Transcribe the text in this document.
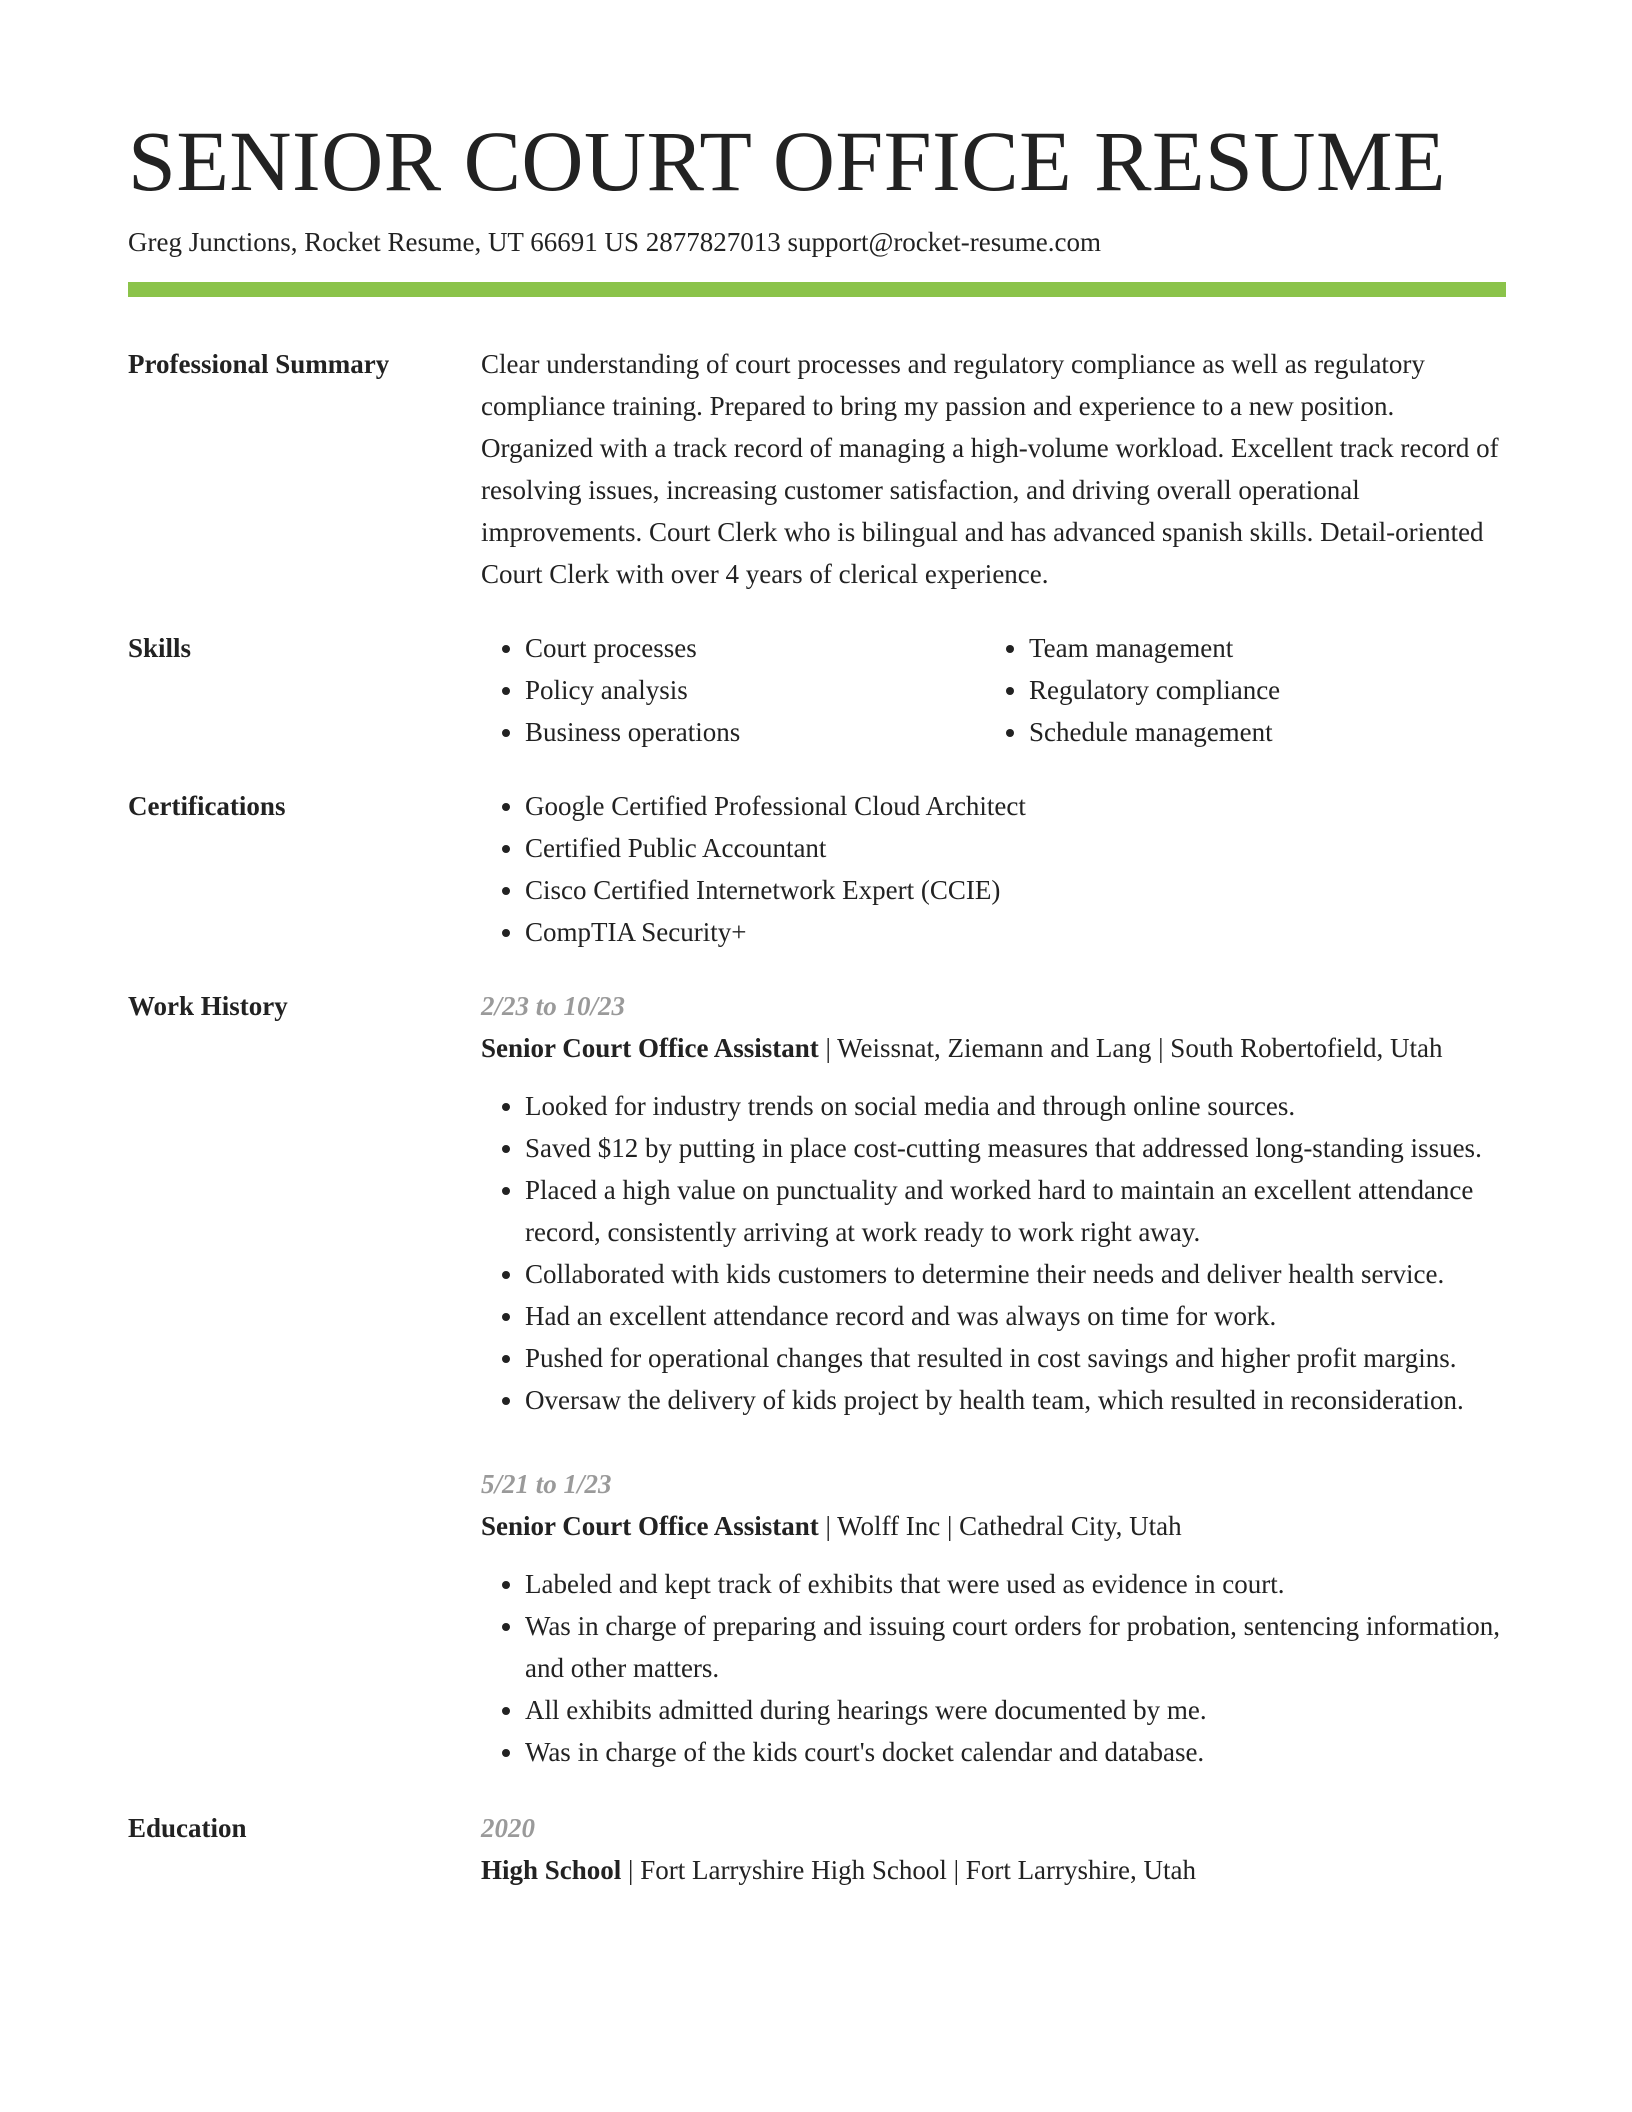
SENIOR COURT OFFICE RESUME
Greg Junctions, Rocket Resume, UT 66691 US 2877827013 support@rocket-resume.com
Professional Summary	Clear understanding of court processes and regulatory compliance as well as regulatory compliance training. Prepared to bring my passion and experience to a new position. Organized with a track record of managing a high-volume workload. Excellent track record of resolving issues, increasing customer satisfaction, and driving overall operational improvements. Court Clerk who is bilingual and has advanced spanish skills. Detail-oriented Court Clerk with over 4 years of clerical experience.

Skills	• Court processes
• Policy analysis
• Business operations
• Team management
• Regulatory compliance
• Schedule management
Certifications	• Google Certified Professional Cloud Architect
• Certified Public Accountant
• Cisco Certified Internetwork Expert (CCIE)
• CompTIA Security+
Work History	2/23 to 10/23
Senior Court Office Assistant | Weissnat, Ziemann and Lang | South Robertofield, Utah
• Looked for industry trends on social media and through online sources.
• Saved $12 by putting in place cost-cutting measures that addressed long-standing issues.
• Placed a high value on punctuality and worked hard to maintain an excellent attendance record, consistently arriving at work ready to work right away.
• Collaborated with kids customers to determine their needs and deliver health service.
• Had an excellent attendance record and was always on time for work.
• Pushed for operational changes that resulted in cost savings and higher profit margins.
• Oversaw the delivery of kids project by health team, which resulted in reconsideration.
5/21 to 1/23
Senior Court Office Assistant | Wolff Inc | Cathedral City, Utah
• Labeled and kept track of exhibits that were used as evidence in court.
• Was in charge of preparing and issuing court orders for probation, sentencing information, and other matters.
• All exhibits admitted during hearings were documented by me.
• Was in charge of the kids court's docket calendar and database.
Education	2020
High School | Fort Larryshire High School | Fort Larryshire, Utah
